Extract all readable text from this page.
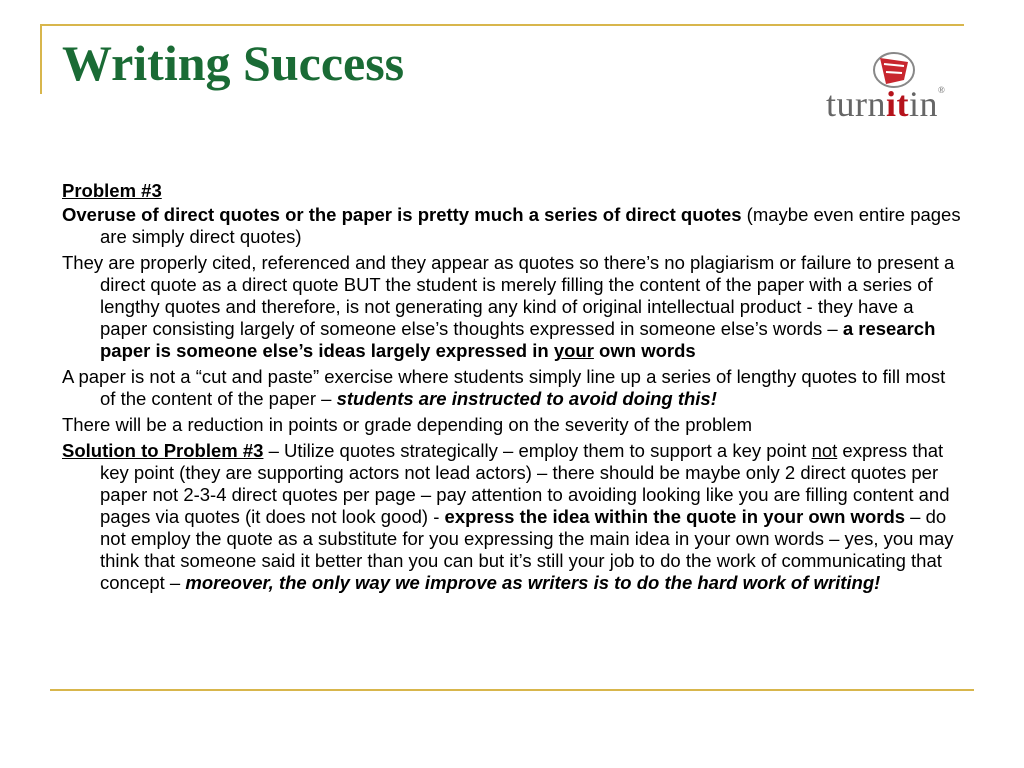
Writing Success
turnitin®
Problem #3

Overuse of direct quotes or the paper is pretty much a series of direct quotes (maybe even entire pages are simply direct quotes)

They are properly cited, referenced and they appear as quotes so there’s no plagiarism or failure to present a direct quote as a direct quote BUT the student is merely filling the content of the paper with a series of lengthy quotes and therefore, is not generating any kind of original intellectual product - they have a paper consisting largely of someone else’s thoughts expressed in someone else’s words – a research paper is someone else’s ideas largely expressed in your own words

A paper is not a “cut and paste” exercise where students simply line up a series of lengthy quotes to fill most of the content of the paper – students are instructed to avoid doing this!

There will be a reduction in points or grade depending on the severity of the problem

Solution to Problem #3 – Utilize quotes strategically – employ them to support a key point not express that key point (they are supporting actors not lead actors) – there should be maybe only 2 direct quotes per paper not 2-3-4 direct quotes per page – pay attention to avoiding looking like you are filling content and pages via quotes (it does not look good) - express the idea within the quote in your own words – do not employ the quote as a substitute for you expressing the main idea in your own words – yes, you may think that someone said it better than you can but it’s still your job to do the work of communicating that concept – moreover, the only way we improve as writers is to do the hard work of writing!
